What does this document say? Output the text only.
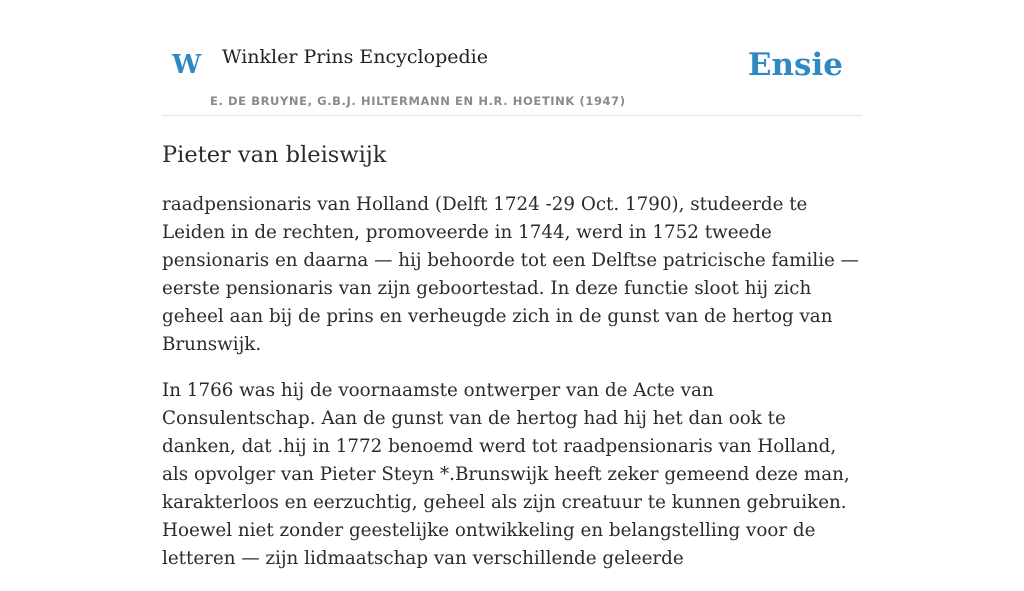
W Winkler Prins Encyclopedie
E. DE BRUYNE, G.B.J. HILTERMANN EN H.R. HOETINK (1947)
Ensie
Pieter van bleiswijk

raadpensionaris van Holland (Delft 1724 -29 Oct. 1790), studeerde te Leiden in de rechten, promoveerde in 1744, werd in 1752 tweede pensionaris en daarna — hij behoorde tot een Delftse patricische familie — eerste pensionaris van zijn geboortestad. In deze functie sloot hij zich geheel aan bij de prins en verheugde zich in de gunst van de hertog van Brunswijk.

In 1766 was hij de voornaamste ontwerper van de Acte van Consulentschap. Aan de gunst van de hertog had hij het dan ook te danken, dat .hij in 1772 benoemd werd tot raadpensionaris van Holland, als opvolger van Pieter Steyn *.Brunswijk heeft zeker gemeend deze man, karakterloos en eerzuchtig, geheel als zijn creatuur te kunnen gebruiken. Hoewel niet zonder geestelijke ontwikkeling en belangstelling voor de letteren — zijn lidmaatschap van verschillende geleerde
